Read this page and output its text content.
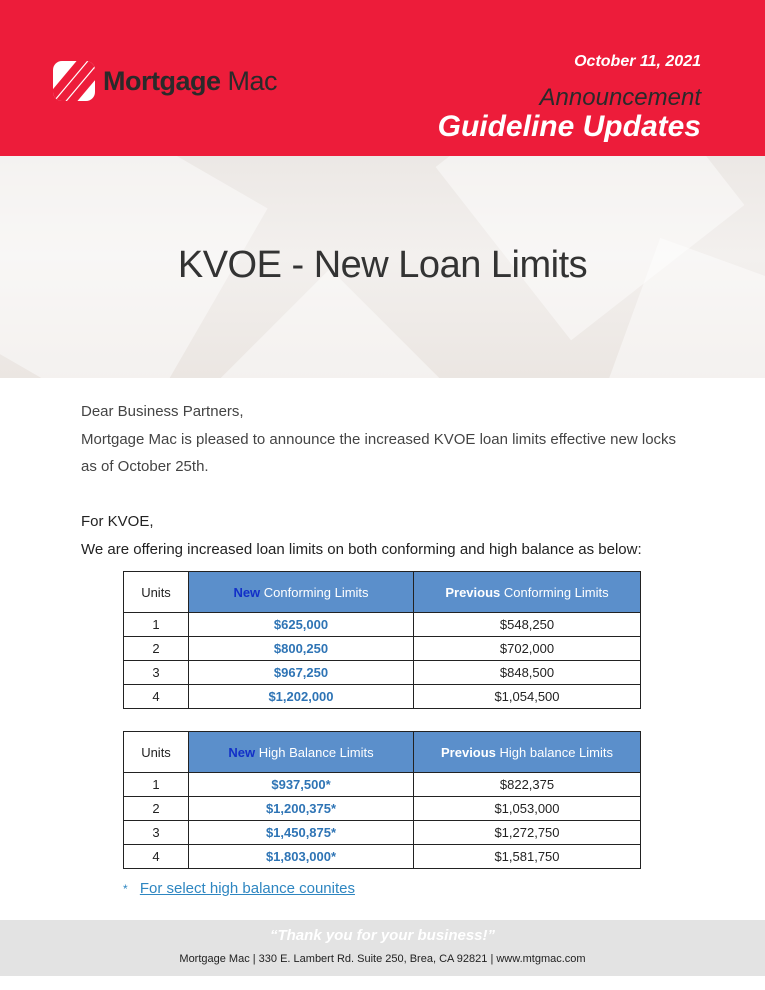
Mortgage Mac
October 11, 2021
Announcement
Guideline Updates
KVOE - New Loan Limits

Dear Business Partners,

Mortgage Mac is pleased to announce the increased KVOE loan limits effective new locks

as of October 25th.

For KVOE,

We are offering increased loan limits on both conforming and high balance as below:

Units	New Conforming Limits	Previous Conforming Limits
1	$625,000	$548,250
2	$800,250	$702,000
3	$967,250	$848,500
4	$1,202,000	$1,054,500
Units	New High Balance Limits	Previous High balance Limits
1	$937,500*	$822,375
2	$1,200,375*	$1,053,000
3	$1,450,875*	$1,272,750
4	$1,803,000*	$1,581,750
* For select high balance counites
“Thank you for your business!”
Mortgage Mac | 330 E. Lambert Rd. Suite 250, Brea, CA 92821 | www.mtgmac.com
